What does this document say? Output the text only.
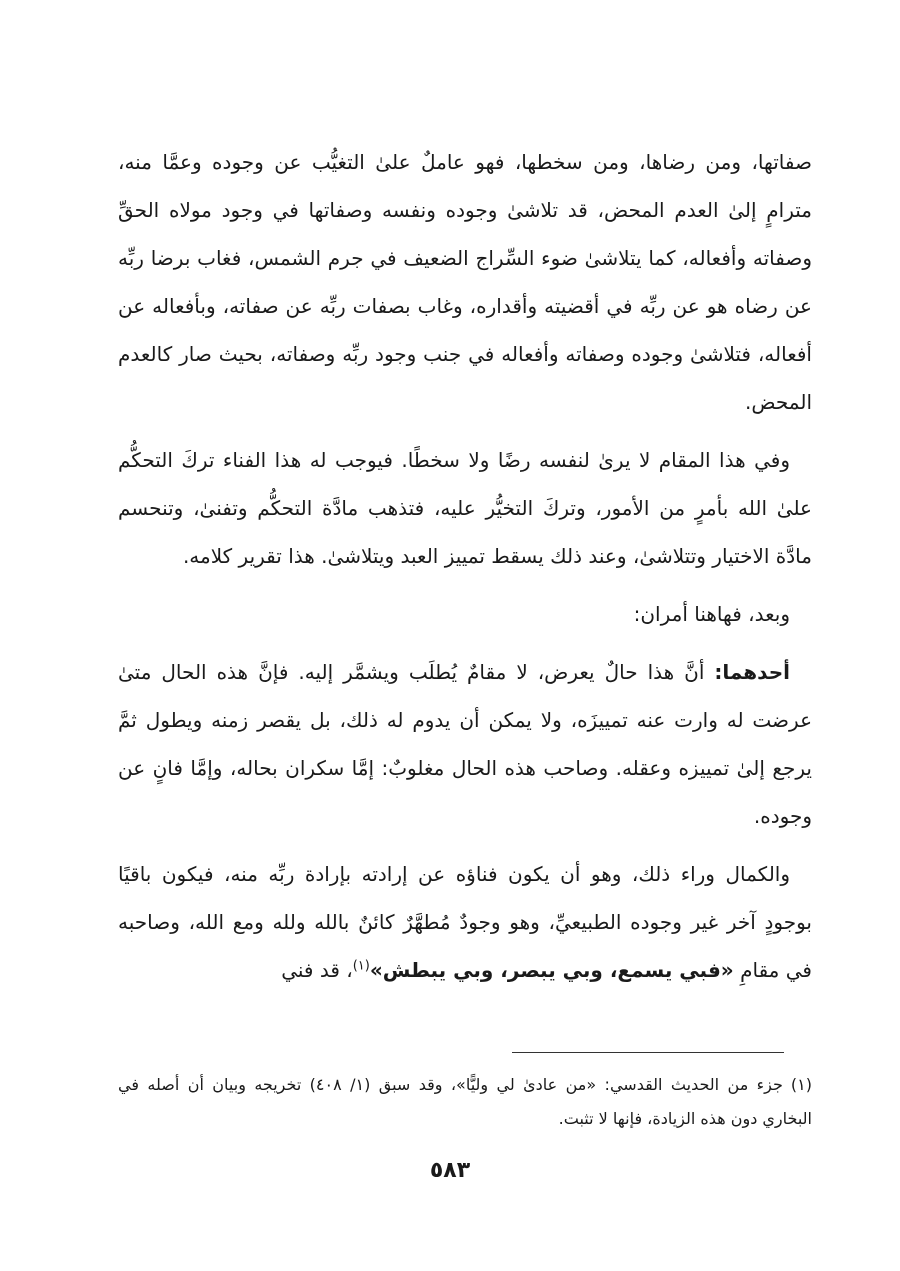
صفاتها، ومن رضاها، ومن سخطها، فهو عاملٌ علىٰ التغيُّب عن وجوده وعمَّا منه، مترامٍ إلىٰ العدم المحض، قد تلاشىٰ وجوده ونفسه وصفاتها في وجود مولاه الحقِّ وصفاته وأفعاله، كما يتلاشىٰ ضوء السِّراج الضعيف في جرم الشمس، فغاب برضا ربِّه عن رضاه هو عن ربِّه في أقضيته وأقداره، وغاب بصفات ربِّه عن صفاته، وبأفعاله عن أفعاله، فتلاشىٰ وجوده وصفاته وأفعاله في جنب وجود ربِّه وصفاته، بحيث صار كالعدم المحض.

وفي هذا المقام لا يرىٰ لنفسه رضًا ولا سخطًا. فيوجب له هذا الفناء تركَ التحكُّم علىٰ الله بأمرٍ من الأمور، وتركَ التخيُّر عليه، فتذهب مادَّة التحكُّم وتفنىٰ، وتنحسم مادَّة الاختيار وتتلاشىٰ، وعند ذلك يسقط تمييز العبد ويتلاشىٰ. هذا تقرير كلامه.

وبعد، فهاهنا أمران:

أحدهما: أنَّ هذا حالٌ يعرض، لا مقامٌ يُطلَب ويشمَّر إليه. فإنَّ هذه الحال متىٰ عرضت له وارت عنه تمييزَه، ولا يمكن أن يدوم له ذلك، بل يقصر زمنه ويطول ثمَّ يرجع إلىٰ تمييزه وعقله. وصاحب هذه الحال مغلوبٌ: إمَّا سكران بحاله، وإمَّا فانٍ عن وجوده.

والكمال وراء ذلك، وهو أن يكون فناؤه عن إرادته بإرادة ربِّه منه، فيكون باقيًا بوجودٍ آخر غير وجوده الطبيعيِّ، وهو وجودٌ مُطهَّرٌ كائنٌ بالله ولله ومع الله، وصاحبه في مقامِ «فبي يسمع، وبي يبصر، وبي يبطش»$^{(١)}$، قد فني

(١)جزء من الحديث القدسي: «من عادىٰ لي وليًّا»، وقد سبق (١/ ٤٠٨) تخريجه وبيان أن أصله في البخاري دون هذه الزيادة، فإنها لا تثبت.
٥٨٣
